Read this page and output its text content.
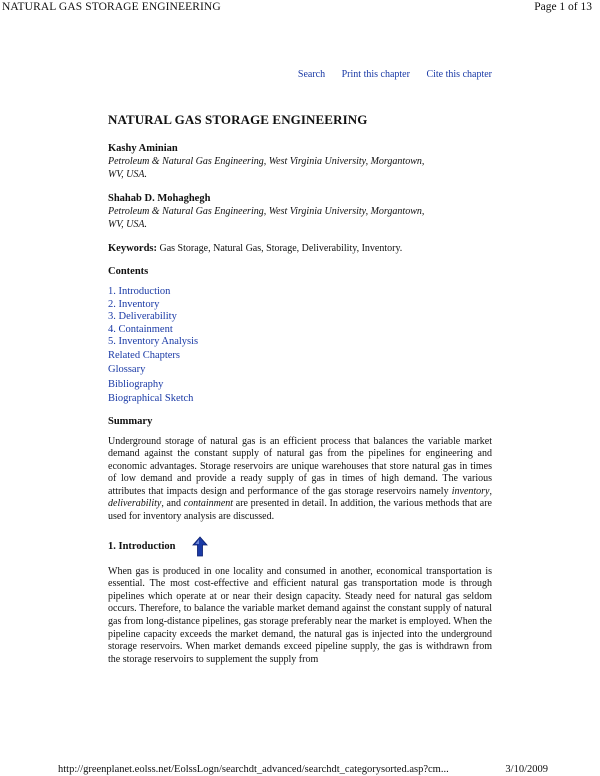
NATURAL GAS STORAGE ENGINEERING	Page 1 of 13
Search Print this chapter Cite this chapter
NATURAL GAS STORAGE ENGINEERING

Kashy Aminian

Petroleum & Natural Gas Engineering, West Virginia University, Morgantown,

WV, USA.

Shahab D. Mohaghegh

Petroleum & Natural Gas Engineering, West Virginia University, Morgantown,

WV, USA.

Keywords: Gas Storage, Natural Gas, Storage, Deliverability, Inventory.

Contents

1. Introduction
2. Inventory
3. Deliverability
4. Containment
5. Inventory Analysis
Related Chapters
Glossary
Bibliography
Biographical Sketch

Summary

Underground storage of natural gas is an efficient process that balances the variable market demand against the constant supply of natural gas from the pipelines for engineering and economic advantages. Storage reservoirs are unique warehouses that store natural gas in times of low demand and provide a ready supply of gas in times of high demand. The various attributes that impacts design and performance of the gas storage reservoirs namely inventory, deliverability, and containment are presented in detail. In addition, the various methods that are used for inventory analysis are discussed.

1. Introduction

When gas is produced in one locality and consumed in another, economical transportation is essential. The most cost-effective and efficient natural gas transportation mode is through pipelines which operate at or near their design capacity. Steady need for natural gas seldom occurs. Therefore, to balance the variable market demand against the constant supply of natural gas from long-distance pipelines, gas storage preferably near the market is employed. When the pipeline capacity exceeds the market demand, the natural gas is injected into the underground storage reservoirs. When market demands exceed pipeline supply, the gas is withdrawn from the storage reservoirs to supplement the supply from

http://greenplanet.eolss.net/EolssLogn/searchdt_advanced/searchdt_categorysorted.asp?cm...	3/10/2009
